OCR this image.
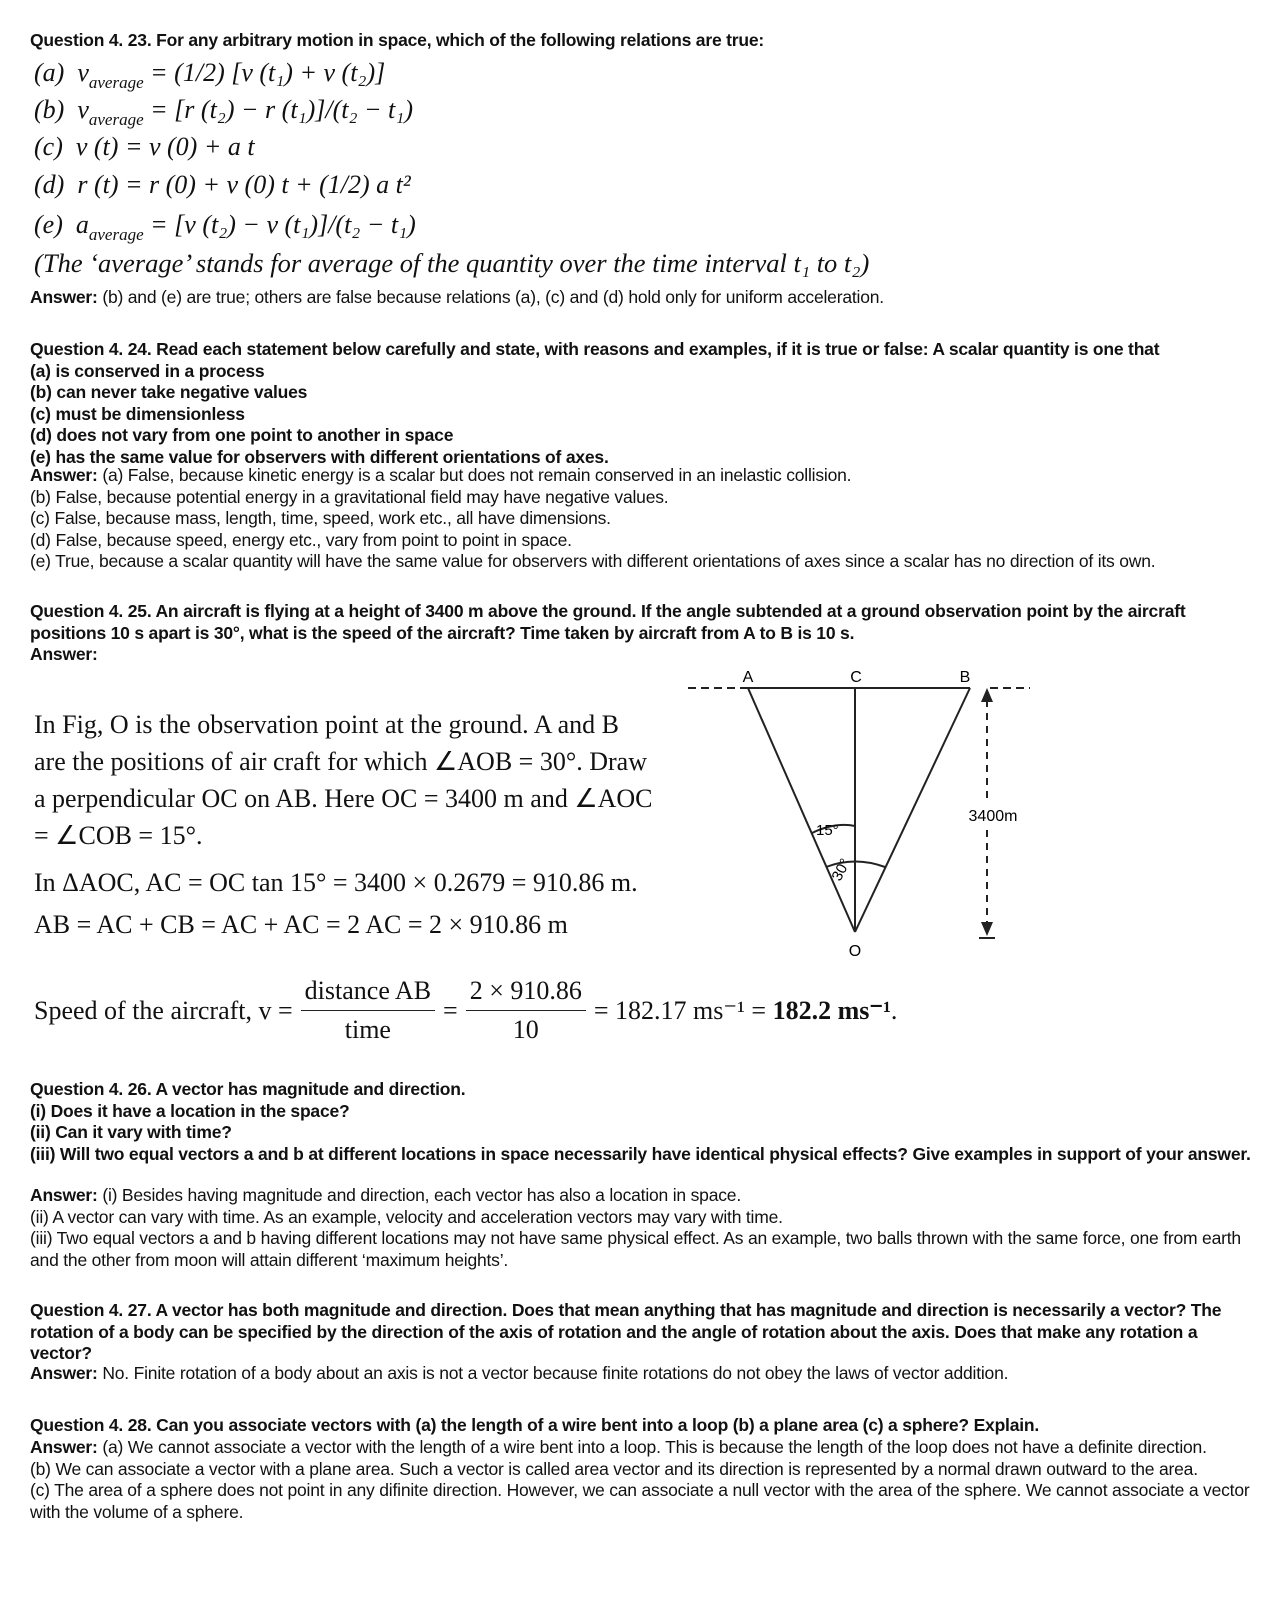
Question 4. 23. For any arbitrary motion in space, which of the following relations are true:
(a) $v_{average} = (1/2)$ [v (t₁) + v (t₂)]
(b) $v_{average} = [r$ (t₂) − r (t₁)]/(t₂ − t₁)
(c) v (t) = v (0) + a t
(d) r (t) = r (0) + v (0) t + (1/2) a t²
(e) $a_{average} = [v$ (t₂) − v (t₁)]/(t₂ − t₁)
(The ‘average’ stands for average of the quantity over the time interval t₁ to t₂)
Answer: (b) and (e) are true; others are false because relations (a), (c) and (d) hold only for uniform acceleration.
Question 4. 24. Read each statement below carefully and state, with reasons and examples, if it is true or false: A scalar quantity is one that
(a) is conserved in a process
(b) can never take negative values
(c) must be dimensionless
(d) does not vary from one point to another in space
(e) has the same value for observers with different orientations of axes.
Answer: (a) False, because kinetic energy is a scalar but does not remain conserved in an inelastic collision.
(b) False, because potential energy in a gravitational field may have negative values.
(c) False, because mass, length, time, speed, work etc., all have dimensions.
(d) False, because speed, energy etc., vary from point to point in space.
(e) True, because a scalar quantity will have the same value for observers with different orientations of axes since a scalar has no direction of its own.
Question 4. 25. An aircraft is flying at a height of 3400 m above the ground. If the angle subtended at a ground observation point by the aircraft positions 10 s apart is 30°, what is the speed of the aircraft? Time taken by aircraft from A to B is 10 s.
Answer:
In Fig, O is the observation point at the ground. A and B
are the positions of air craft for which ∠AOB = 30°. Draw
a perpendicular OC on AB. Here OC = 3400 m and ∠AOC
= ∠COB = 15°.
In ΔAOC, AC = OC tan 15° = 3400 × 0.2679 = 910.86 m.
AB = AC + CB = AC + AC = 2 AC = 2 × 910.86 m
Speed of the aircraft, $v = \frac{\text{distance AB}}{\text{time}} = \frac{2 \times 910.86}{10} = 182.17$ ms⁻¹ =
182.2 ms⁻¹ .
A	C	B
O
15°
30°
3400m
Question 4. 26. A vector has magnitude and direction.
(i) Does it have a location in the space?
(ii) Can it vary with time?
(iii) Will two equal vectors a and b at different locations in space necessarily have identical physical effects? Give examples in support of your answer.
Answer: (i) Besides having magnitude and direction, each vector has also a location in space.
(ii) A vector can vary with time. As an example, velocity and acceleration vectors may vary with time.
(iii) Two equal vectors a and b having different locations may not have same physical effect. As an example, two balls thrown with the same force, one from earth and the other from moon will attain different ‘maximum heights’.
Question 4. 27. A vector has both magnitude and direction. Does that mean anything that has magnitude and direction is necessarily a vector? The rotation of a body can be specified by the direction of the axis of rotation and the angle of rotation about the axis. Does that make any rotation a vector?
Answer: No. Finite rotation of a body about an axis is not a vector because finite rotations do not obey the laws of vector addition.
Question 4. 28. Can you associate vectors with (a) the length of a wire bent into a loop (b) a plane area (c) a sphere? Explain.
Answer: (a) We cannot associate a vector with the length of a wire bent into a loop. This is because the length of the loop does not have a definite direction.
(b) We can associate a vector with a plane area. Such a vector is called area vector and its direction is represented by a normal drawn outward to the area.
(c) The area of a sphere does not point in any difinite direction. However, we can associate a null vector with the area of the sphere. We cannot associate a vector with the volume of a sphere.
